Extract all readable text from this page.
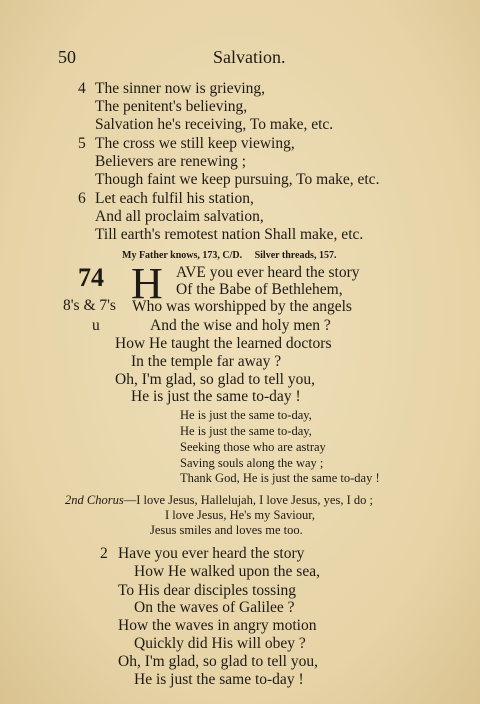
50	Salvation.
4 The sinner now is grieving,
The penitent's believing,
Salvation he's receiving, To make, etc.
5 The cross we still keep viewing,
Believers are renewing ;
Though faint we keep pursuing, To make, etc.
6 Let each fulfil his station,
And all proclaim salvation,
Till earth's remotest nation Shall make, etc.
My Father knows, 173, C/D.     Silver threads, 157.
74
8's & 7's
u
H AVE you ever heard the story
Of the Babe of Bethlehem,
Who was worshipped by the angels
And the wise and holy men ?
How He taught the learned doctors
In the temple far away ?
Oh, I'm glad, so glad to tell you,
He is just the same to-day !
He is just the same to-day,
He is just the same to-day,
Seeking those who are astray
Saving souls along the way ;
Thank God, He is just the same to-day !
2nd Chorus—I love Jesus, Hallelujah, I love Jesus, yes, I do ;
I love Jesus, He's my Saviour,
Jesus smiles and loves me too.
2 Have you ever heard the story
How He walked upon the sea,
To His dear disciples tossing
On the waves of Galilee ?
How the waves in angry motion
Quickly did His will obey ?
Oh, I'm glad, so glad to tell you,
He is just the same to-day !
